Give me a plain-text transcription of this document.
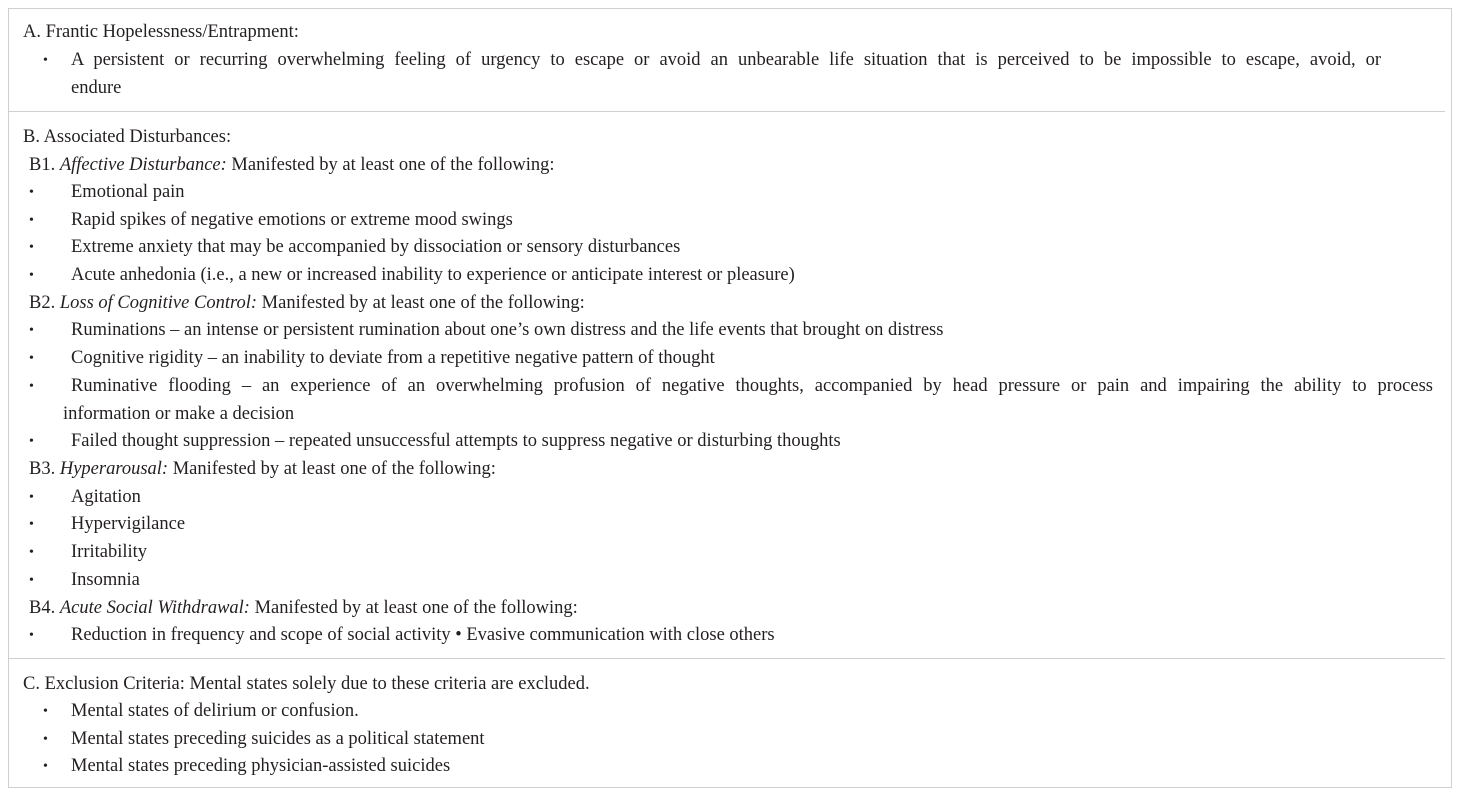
A. Frantic Hopelessness/Entrapment:
• A persistent or recurring overwhelming feeling of urgency to escape or avoid an unbearable life situation that is perceived to be impossible to escape, avoid, or
endure
B. Associated Disturbances:
B1. Affective Disturbance: Manifested by at least one of the following:
• Emotional pain
• Rapid spikes of negative emotions or extreme mood swings
• Extreme anxiety that may be accompanied by dissociation or sensory disturbances
• Acute anhedonia (i.e., a new or increased inability to experience or anticipate interest or pleasure)
B2. Loss of Cognitive Control: Manifested by at least one of the following:
• Ruminations – an intense or persistent rumination about one’s own distress and the life events that brought on distress
• Cognitive rigidity – an inability to deviate from a repetitive negative pattern of thought
• Ruminative flooding – an experience of an overwhelming profusion of negative thoughts, accompanied by head pressure or pain and impairing the ability to process
information or make a decision
• Failed thought suppression – repeated unsuccessful attempts to suppress negative or disturbing thoughts
B3. Hyperarousal: Manifested by at least one of the following:
• Agitation
• Hypervigilance
• Irritability
• Insomnia
B4. Acute Social Withdrawal: Manifested by at least one of the following:
• Reduction in frequency and scope of social activity • Evasive communication with close others
C. Exclusion Criteria: Mental states solely due to these criteria are excluded.
• Mental states of delirium or confusion.
• Mental states preceding suicides as a political statement
• Mental states preceding physician-assisted suicides
